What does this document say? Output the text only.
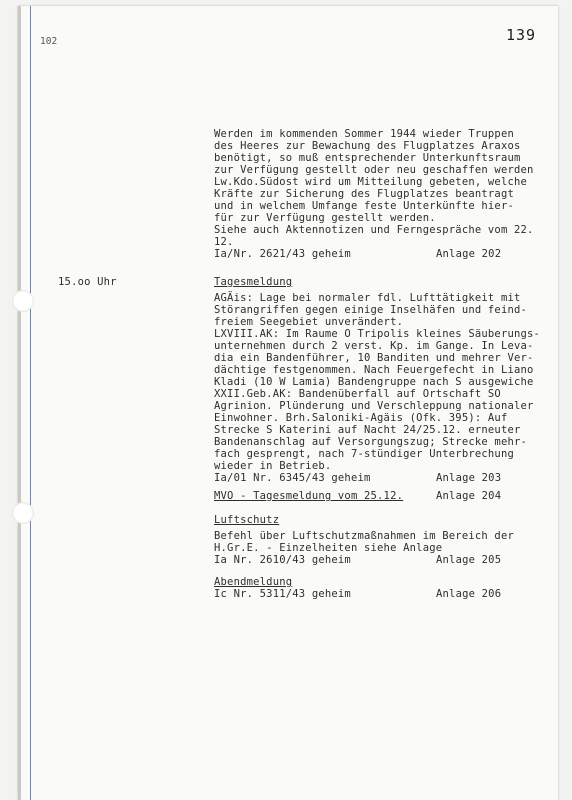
102	139
Werden im kommenden Sommer 1944 wieder Truppen
des Heeres zur Bewachung des Flugplatzes Araxos
benötigt, so muß entsprechender Unterkunftsraum
zur Verfügung gestellt oder neu geschaffen werden
Lw.Kdo.Südost wird um Mitteilung gebeten, welche
Kräfte zur Sicherung des Flugplatzes beantragt
und in welchem Umfange feste Unterkünfte hier-
für zur Verfügung gestellt werden.
Siehe auch Aktennotizen und Ferngespräche vom 22.
12.
Ia/Nr. 2621/43 geheim	Anlage 202
15.oo Uhr	Tagesmeldung
AGÄis: Lage bei normaler fdl. Lufttätigkeit mit
Störangriffen gegen einige Inselhäfen und feind-
freiem Seegebiet unverändert.
LXVIII.AK: Im Raume O Tripolis kleines Säuberungs-
unternehmen durch 2 verst. Kp. im Gange. In Leva-
dia ein Bandenführer, 10 Banditen und mehrer Ver-
dächtige festgenommen. Nach Feuergefecht in Liano
Kladi (10 W Lamia) Bandengruppe nach S ausgewiche
XXII.Geb.AK: Bandenüberfall auf Ortschaft SO
Agrinion. Plünderung und Verschleppung nationaler
Einwohner. Brh.Saloniki-Agäis (Ofk. 395): Auf
Strecke S Katerini auf Nacht 24/25.12. erneuter
Bandenanschlag auf Versorgungszug; Strecke mehr-
fach gesprengt, nach 7-stündiger Unterbrechung
wieder in Betrieb.
Ia/01 Nr. 6345/43 geheim	Anlage 203
MVO - Tagesmeldung vom 25.12.	Anlage 204
Luftschutz
Befehl über Luftschutzmaßnahmen im Bereich der
H.Gr.E. - Einzelheiten siehe Anlage
Ia Nr. 2610/43 geheim	Anlage 205
Abendmeldung
Ic Nr. 5311/43 geheim	Anlage 206
